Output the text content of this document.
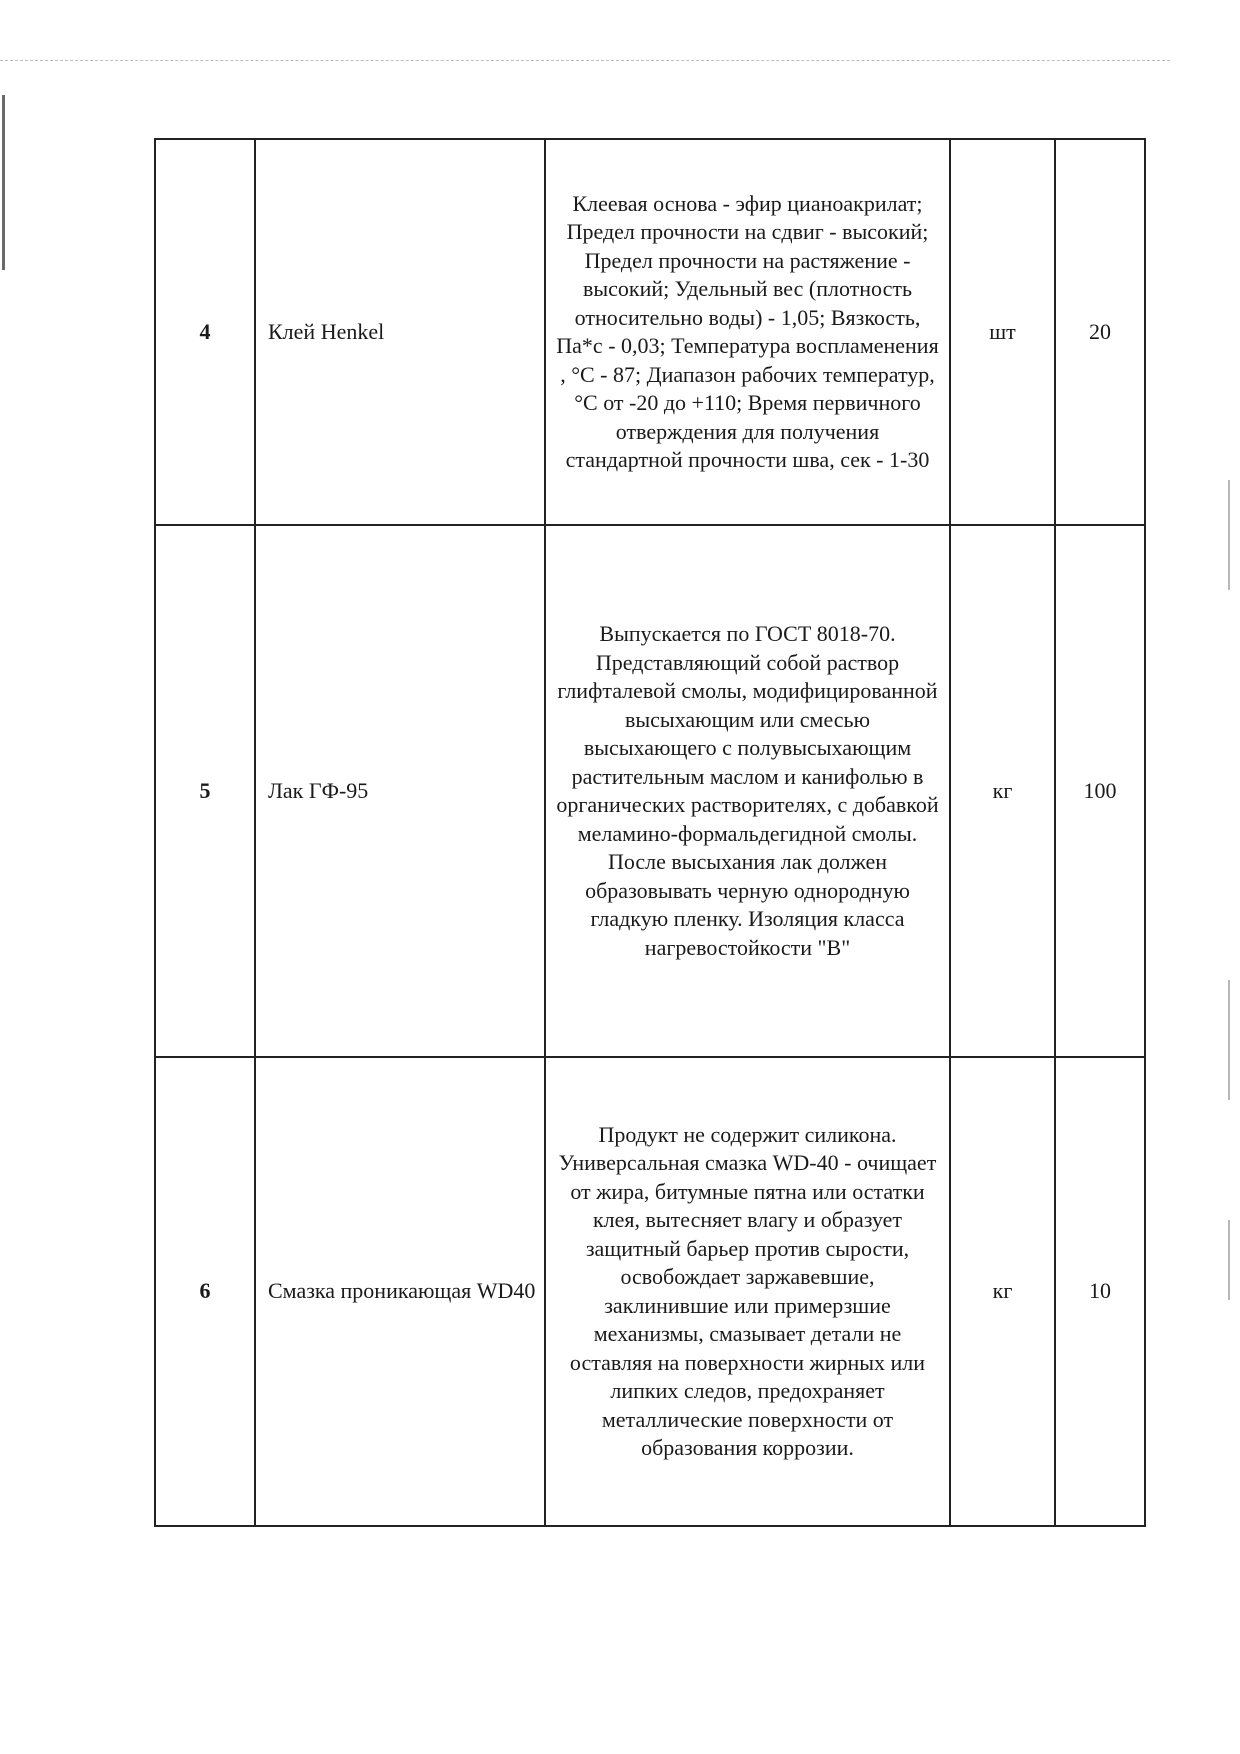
4	Клей Henkel	Клеевая основа - эфир цианоакрилат; Предел прочности на сдвиг - высокий; Предел прочности на растяжение - высокий; Удельный вес (плотность относительно воды) - 1,05; Вязкость, Па*с - 0,03; Температура воспламенения , °С - 87; Диапазон рабочих температур, °С от -20 до +110; Время первичного отверждения для получения стандартной прочности шва, сек - 1-30	шт	20
5	Лак ГФ-95	Выпускается по ГОСТ 8018-70. Представляющий собой раствор глифталевой смолы, модифицированной высыхающим или смесью высыхающего с полувысыхающим растительным маслом и канифолью в органических растворителях, с добавкой меламино-формальдегидной смолы. После высыхания лак должен образовывать черную однородную гладкую пленку. Изоляция класса нагревостойкости "В"	кг	100
6	Смазка проникающая WD40	Продукт не содержит силикона. Универсальная смазка WD-40 - очищает от жира, битумные пятна или остатки клея, вытесняет влагу и образует защитный барьер против сырости, освобождает заржавевшие, заклинившие или примерзшие механизмы, смазывает детали не оставляя на поверхности жирных или липких следов, предохраняет металлические поверхности от образования коррозии.	кг	10
